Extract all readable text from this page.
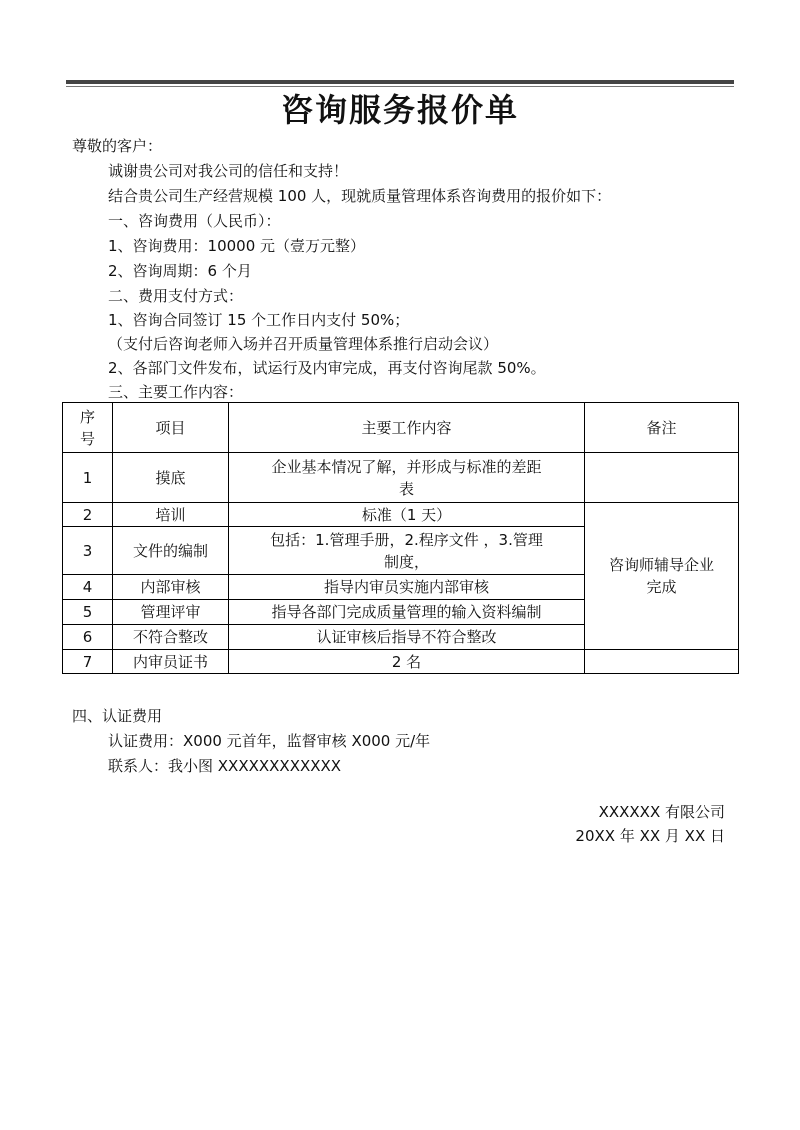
咨询服务报价单
尊敬的客户：
诚谢贵公司对我公司的信任和支持！
结合贵公司生产经营规模 100 人，现就质量管理体系咨询费用的报价如下：
一、咨询费用（人民币）：
1、咨询费用：10000 元（壹万元整）
2、咨询周期：6 个月
二、费用支付方式：
1、咨询合同签订 15 个工作日内支付 50%；
（支付后咨询老师入场并召开质量管理体系推行启动会议）
2、各部门文件发布，试运行及内审完成，再支付咨询尾款 50%。
三、主要工作内容：
序
号	项目	主要工作内容	备注
1	摸底	企业基本情况了解，并形成与标准的差距
表	

2	培训	标准（1 天）	咨询师辅导企业
完成

3	文件的编制	包括：1.管理手册，2.程序文件 ，3.管理
制度，	

4	内部审核	指导内审员实施内部审核	
5	管理评审	指导各部门完成质量管理的输入资料编制	
6	不符合整改	认证审核后指导不符合整改	
7	内审员证书	2 名	
四、认证费用
认证费用：X000 元首年，监督审核 X000 元/年
联系人：我小图 XXXXXXXXXXXX
XXXXXX 有限公司
20XX 年 XX 月 XX 日
